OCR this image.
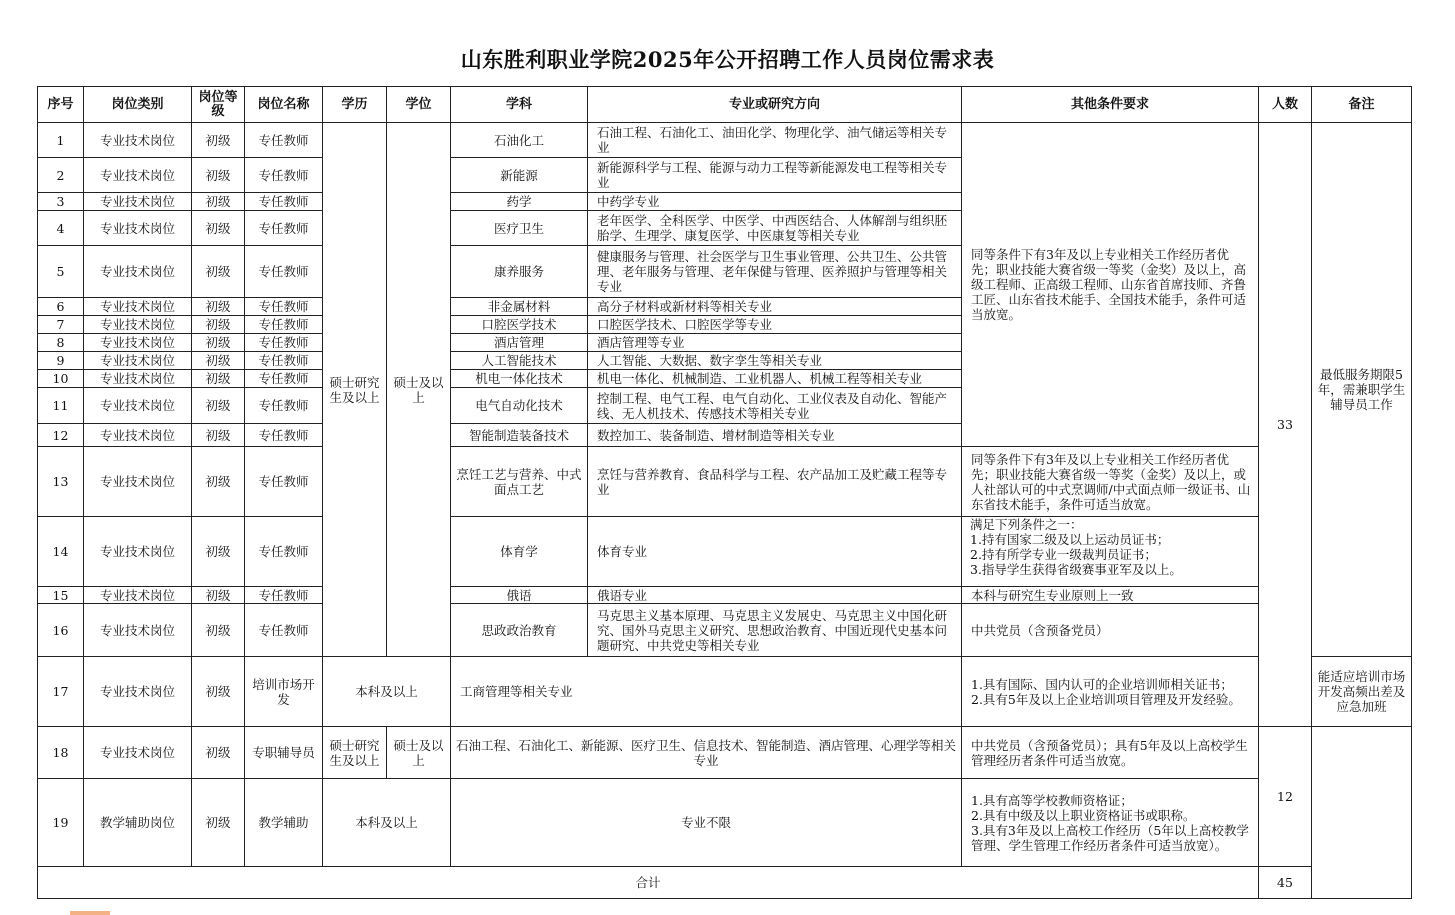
山东胜利职业学院2025年公开招聘工作人员岗位需求表
序号	岗位类别	岗位等级	岗位名称	学历	学位	学科	专业或研究方向	其他条件要求	人数	备注
1	专业技术岗位	初级	专任教师	硕士研究生及以上	硕士及以上	石油化工	石油工程、石油化工、油田化学、物理化学、油气储运等相关专业	同等条件下有3年及以上专业相关工作经历者优先；职业技能大赛省级一等奖（金奖）及以上，高级工程师、正高级工程师、山东省首席技师、齐鲁工匠、山东省技术能手、全国技术能手，条件可适当放宽。	33	最低服务期限5年，需兼职学生辅导员工作
2	专业技术岗位	初级	专任教师			新能源	新能源科学与工程、能源与动力工程等新能源发电工程等相关专业			
3	专业技术岗位	初级	专任教师			药学	中药学专业			
4	专业技术岗位	初级	专任教师			医疗卫生	老年医学、全科医学、中医学、中西医结合、人体解剖与组织胚胎学、生理学、康复医学、中医康复等相关专业			
5	专业技术岗位	初级	专任教师			康养服务	健康服务与管理、社会医学与卫生事业管理、公共卫生、公共管理、老年服务与管理、老年保健与管理、医养照护与管理等相关专业			
6	专业技术岗位	初级	专任教师			非金属材料	高分子材料或新材料等相关专业			
7	专业技术岗位	初级	专任教师			口腔医学技术	口腔医学技术、口腔医学等专业			
8	专业技术岗位	初级	专任教师			酒店管理	酒店管理等专业			
9	专业技术岗位	初级	专任教师			人工智能技术	人工智能、大数据、数字孪生等相关专业			
10	专业技术岗位	初级	专任教师			机电一体化技术	机电一体化、机械制造、工业机器人、机械工程等相关专业			
11	专业技术岗位	初级	专任教师			电气自动化技术	控制工程、电气工程、电气自动化、工业仪表及自动化、智能产线、无人机技术、传感技术等相关专业			
12	专业技术岗位	初级	专任教师			智能制造装备技术	数控加工、装备制造、增材制造等相关专业			
13	专业技术岗位	初级	专任教师			烹饪工艺与营养、中式面点工艺	烹饪与营养教育、食品科学与工程、农产品加工及贮藏工程等专业	同等条件下有3年及以上专业相关工作经历者优先；职业技能大赛省级一等奖（金奖）及以上，或人社部认可的中式烹调师/中式面点师一级证书、山东省技术能手，条件可适当放宽。		
14	专业技术岗位	初级	专任教师			体育学	体育专业	满足下列条件之一：
1.持有国家二级及以上运动员证书；
2.持有所学专业一级裁判员证书；
3.指导学生获得省级赛事亚军及以上。		

15	专业技术岗位	初级	专任教师			俄语	俄语专业	本科与研究生专业原则上一致		
16	专业技术岗位	初级	专任教师			思政政治教育	马克思主义基本原理、马克思主义发展史、马克思主义中国化研究、国外马克思主义研究、思想政治教育、中国近现代史基本问题研究、中共党史等相关专业	中共党员（含预备党员）		
17	专业技术岗位	初级	培训市场开发	本科及以上		工商管理等相关专业		1.具有国际、国内认可的企业培训师相关证书；
2.具有5年及以上企业培训项目管理及开发经验。		能适应培训市场开发高频出差及应急加班
18	专业技术岗位	初级	专职辅导员	硕士研究生及以上	硕士及以上	石油工程、石油化工、新能源、医疗卫生、信息技术、智能制造、酒店管理、心理学等相关专业		中共党员（含预备党员）；具有5年及以上高校学生管理经历者条件可适当放宽。	12	
19	教学辅助岗位	初级	教学辅助	本科及以上		专业不限		1.具有高等学校教师资格证；
2.具有中级及以上职业资格证书或职称。
3.具有3年及以上高校工作经历（5年以上高校教学管理、学生管理工作经历者条件可适当放宽）。		

合计									45	
